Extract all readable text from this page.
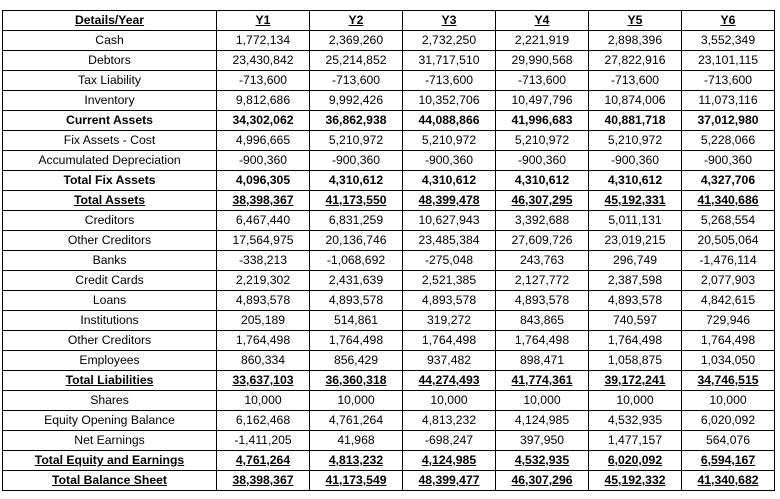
Details/Year	Y1	Y2	Y3	Y4	Y5	Y6
Cash	1,772,134	2,369,260	2,732,250	2,221,919	2,898,396	3,552,349
Debtors	23,430,842	25,214,852	31,717,510	29,990,568	27,822,916	23,101,115
Tax Liability	-713,600	-713,600	-713,600	-713,600	-713,600	-713,600
Inventory	9,812,686	9,992,426	10,352,706	10,497,796	10,874,006	11,073,116
Current Assets	34,302,062	36,862,938	44,088,866	41,996,683	40,881,718	37,012,980
Fix Assets - Cost	4,996,665	5,210,972	5,210,972	5,210,972	5,210,972	5,228,066
Accumulated Depreciation	-900,360	-900,360	-900,360	-900,360	-900,360	-900,360
Total Fix Assets	4,096,305	4,310,612	4,310,612	4,310,612	4,310,612	4,327,706
Total Assets	38,398,367	41,173,550	48,399,478	46,307,295	45,192,331	41,340,686
Creditors	6,467,440	6,831,259	10,627,943	3,392,688	5,011,131	5,268,554
Other Creditors	17,564,975	20,136,746	23,485,384	27,609,726	23,019,215	20,505,064
Banks	-338,213	-1,068,692	-275,048	243,763	296,749	-1,476,114
Credit Cards	2,219,302	2,431,639	2,521,385	2,127,772	2,387,598	2,077,903
Loans	4,893,578	4,893,578	4,893,578	4,893,578	4,893,578	4,842,615
Institutions	205,189	514,861	319,272	843,865	740,597	729,946
Other Creditors	1,764,498	1,764,498	1,764,498	1,764,498	1,764,498	1,764,498
Employees	860,334	856,429	937,482	898,471	1,058,875	1,034,050
Total Liabilities	33,637,103	36,360,318	44,274,493	41,774,361	39,172,241	34,746,515
Shares	10,000	10,000	10,000	10,000	10,000	10,000
Equity Opening Balance	6,162,468	4,761,264	4,813,232	4,124,985	4,532,935	6,020,092
Net Earnings	-1,411,205	41,968	-698,247	397,950	1,477,157	564,076
Total Equity and Earnings	4,761,264	4,813,232	4,124,985	4,532,935	6,020,092	6,594,167
Total Balance Sheet	38,398,367	41,173,549	48,399,477	46,307,296	45,192,332	41,340,682
